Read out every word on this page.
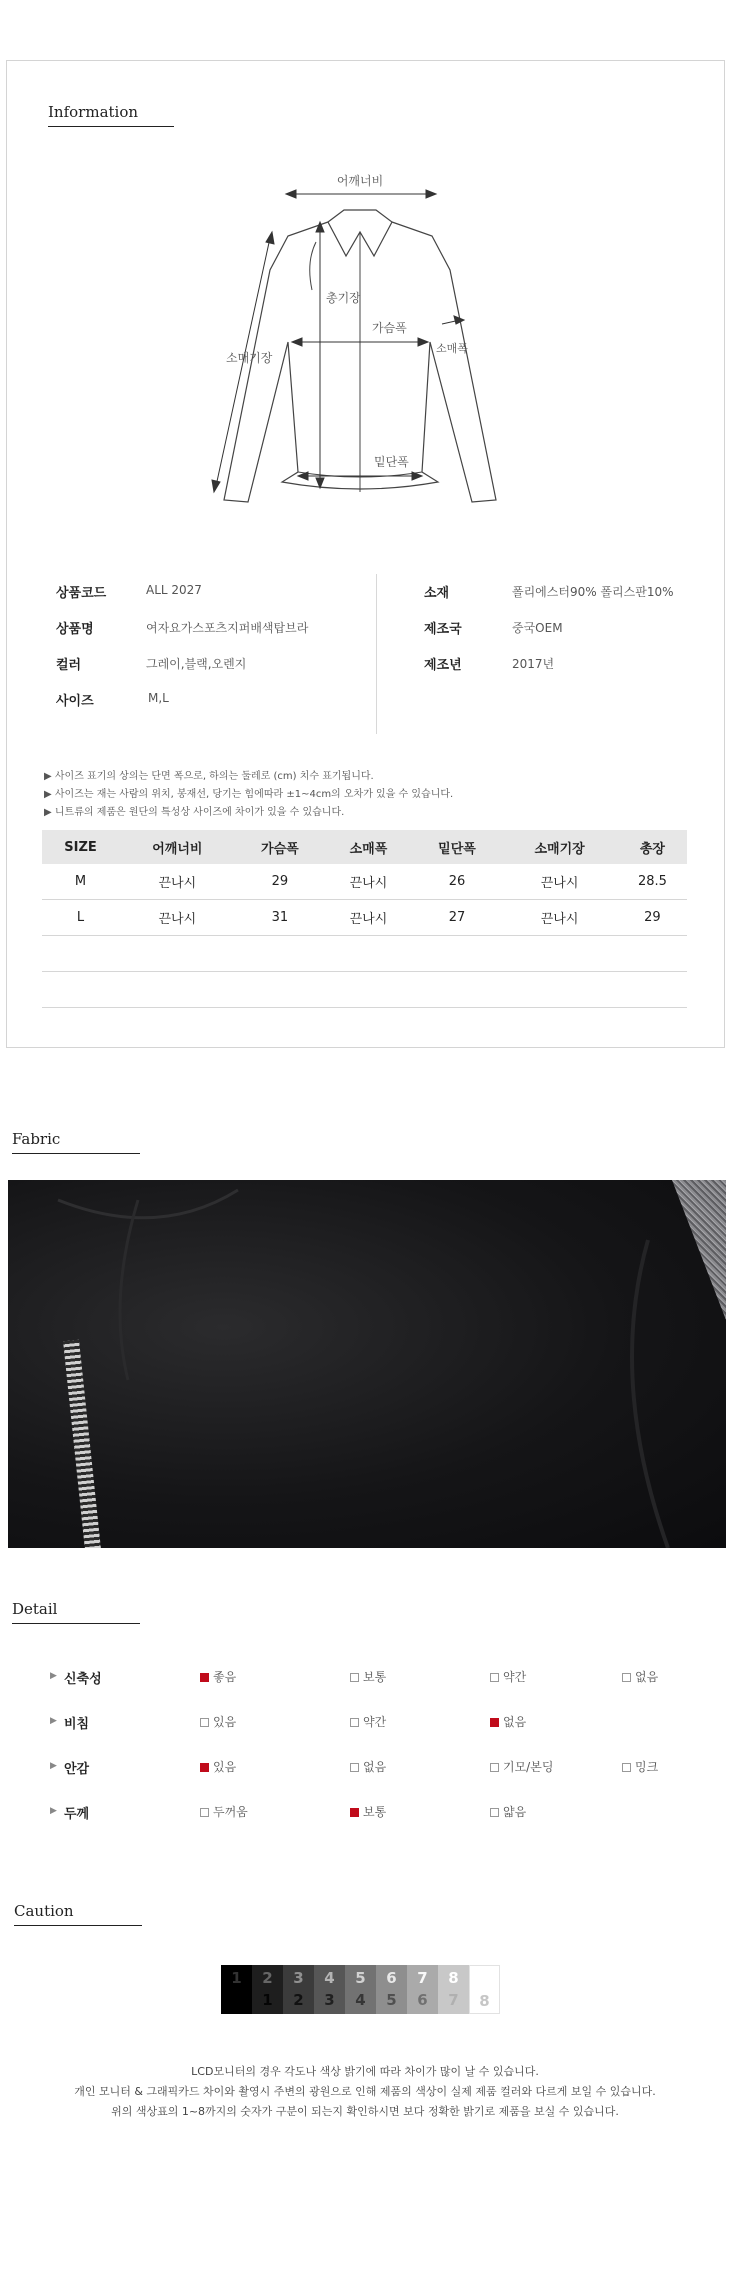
Information
어깨너비
총기장
가슴폭
소매폭
소매기장
밑단폭
상품코드	ALL 2027
상품명	여자요가스포츠지퍼배색탑브라
컬러	그레이,블랙,오렌지
사이즈	M,L
소재	폴리에스터90% 폴리스판10%
제조국	중국OEM
제조년	2017년
▶ 사이즈 표기의 상의는 단면 폭으로, 하의는 둘레로 (cm) 치수 표기됩니다.
▶ 사이즈는 재는 사람의 위치, 봉재선, 당기는 힘에따라 ±1~4cm의 오차가 있을 수 있습니다.
▶ 니트류의 제품은 원단의 특성상 사이즈에 차이가 있을 수 있습니다.
SIZE	어깨너비	가슴폭	소매폭	밑단폭	소매기장	총장
M	끈나시	29	끈나시	26	끈나시	28.5
L	끈나시	31	끈나시	27	끈나시	29

Fabric
Detail
▶ 신축성	좋음	보통	약간	없음
▶ 비침	있음	약간	없음
▶ 안감	있음	없음	기모/본딩	밍크
▶ 두께	두꺼움	보통	얇음
Caution
1	2
1
3
2
4
3
5
4
6
5
7
6
8
7	8
LCD모니터의 경우 각도나 색상 밝기에 따라 차이가 많이 날 수 있습니다.
개인 모니터 & 그래픽카드 차이와 촬영시 주변의 광원으로 인해 제품의 색상이 실제 제품 컬러와 다르게 보일 수 있습니다.
위의 색상표의 1~8까지의 숫자가 구분이 되는지 확인하시면 보다 정확한 밝기로 제품을 보실 수 있습니다.
